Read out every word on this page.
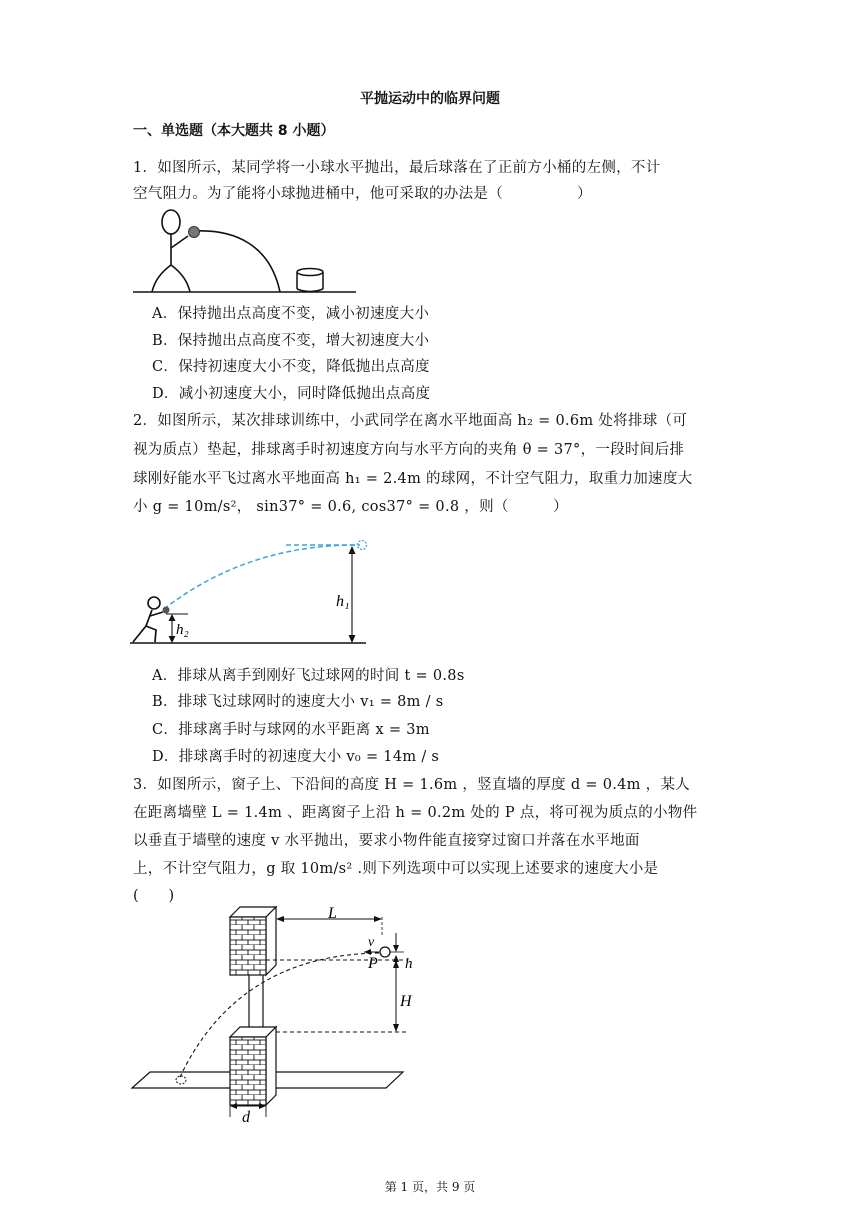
平抛运动中的临界问题
一、单选题（本大题共 8 小题）
1．如图所示，某同学将一小球水平抛出，最后球落在了正前方小桶的左侧，不计
空气阻力。为了能将小球抛进桶中，他可采取的办法是（　　　　　）
A．保持抛出点高度不变，减小初速度大小
B．保持抛出点高度不变，增大初速度大小
C．保持初速度大小不变，降低抛出点高度
D．减小初速度大小，同时降低抛出点高度
2．如图所示，某次排球训练中，小武同学在离水平地面高 h₂ = 0.6m 处将排球（可
视为质点）垫起，排球离手时初速度方向与水平方向的夹角 θ = 37°，一段时间后排
球刚好能水平飞过离水平地面高 h₁ = 2.4m 的球网，不计空气阻力，取重力加速度大
小 g = 10m/s²， sin37° = 0.6, cos37° = 0.8 ，则（　　　）
h₁
h₂
A．排球从离手到刚好飞过球网的时间 t = 0.8s
B．排球飞过球网时的速度大小 v₁ = 8m / s
C．排球离手时与球网的水平距离 x = 3m
D．排球离手时的初速度大小 v₀ = 14m / s
3．如图所示，窗子上、下沿间的高度 H = 1.6m ，竖直墙的厚度 d = 0.4m ，某人
在距离墙壁 L = 1.4m 、距离窗子上沿 h = 0.2m 处的 P 点，将可视为质点的小物件
以垂直于墙壁的速度 v 水平抛出，要求小物件能直接穿过窗口并落在水平地面
上，不计空气阻力，g 取 10m/s² .则下列选项中可以实现上述要求的速度大小是
(　　)
L
v
P h
H
d
第 1 页，共 9 页
